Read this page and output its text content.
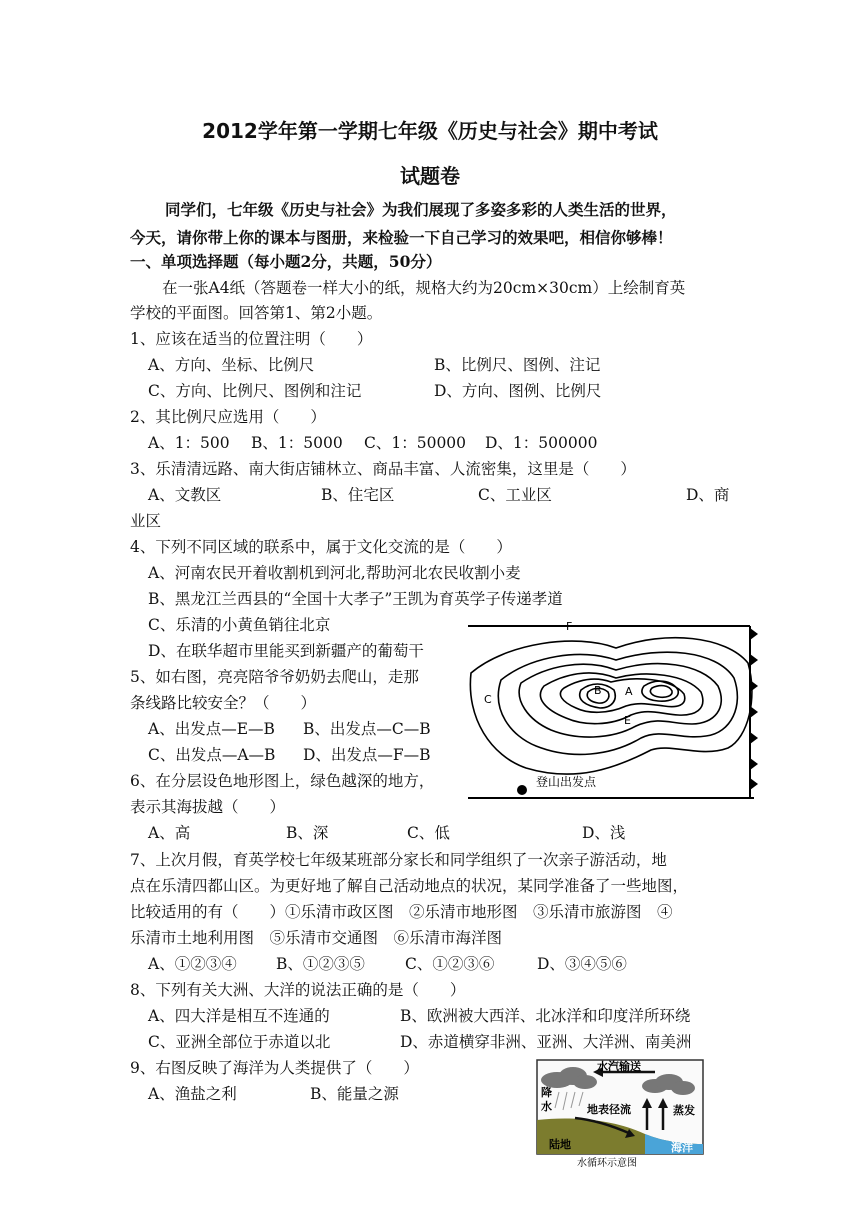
2012学年第一学期七年级《历史与社会》期中考试
试题卷
同学们，七年级《历史与社会》为我们展现了多姿多彩的人类生活的世界，
今天，请你带上你的课本与图册，来检验一下自己学习的效果吧，相信你够棒！
一、单项选择题（每小题2分，共题，50分）
在一张A4纸（答题卷一样大小的纸，规格大约为20cm×30cm）上绘制育英
学校的平面图。回答第1、第2小题。
1、应该在适当的位置注明（　　）
A、方向、坐标、比例尺	B、比例尺、图例、注记
C、方向、比例尺、图例和注记	D、方向、图例、比例尺
2、其比例尺应选用（　　）
A、1：500 B、1：5000 C、1：50000 D、1：500000
3、乐清清远路、南大街店铺林立、商品丰富、人流密集，这里是（　　）
A、文教区	B、住宅区	C、工业区	D、商
业区
4、下列不同区域的联系中，属于文化交流的是（　　）
A、河南农民开着收割机到河北,帮助河北农民收割小麦
B、黑龙江兰西县的“全国十大孝子”王凯为育英学子传递孝道
C、乐清的小黄鱼销往北京
D、在联华超市里能买到新疆产的葡萄干
5、如右图，亮亮陪爷爷奶奶去爬山，走那
条线路比较安全？（　　）
A、出发点—E—B B、出发点—C—B
C、出发点—A—B D、出发点—F—B
F
B A
C
E
登山出发点
6、在分层设色地形图上，绿色越深的地方，
表示其海拔越（　　）
A、高	B、深	C、低	D、浅
7、上次月假，育英学校七年级某班部分家长和同学组织了一次亲子游活动，地
点在乐清四都山区。为更好地了解自己活动地点的状况，某同学准备了一些地图，
比较适用的有（　　）①乐清市政区图　②乐清市地形图　③乐清市旅游图　④
乐清市土地利用图　⑤乐清市交通图　⑥乐清市海洋图
A、①②③④	B、①②③⑤	C、①②③⑥	D、③④⑤⑥
8、下列有关大洲、大洋的说法正确的是（　　）
A、四大洋是相互不连通的	B、欧洲被大西洋、北冰洋和印度洋所环绕
C、亚洲全部位于赤道以北	D、赤道横穿非洲、亚洲、大洋洲、南美洲
9、右图反映了海洋为人类提供了（　　）
A、渔盐之利	B、能量之源
水汽输送
降
水	地表径流	蒸发
陆地	海洋
水循环示意图
